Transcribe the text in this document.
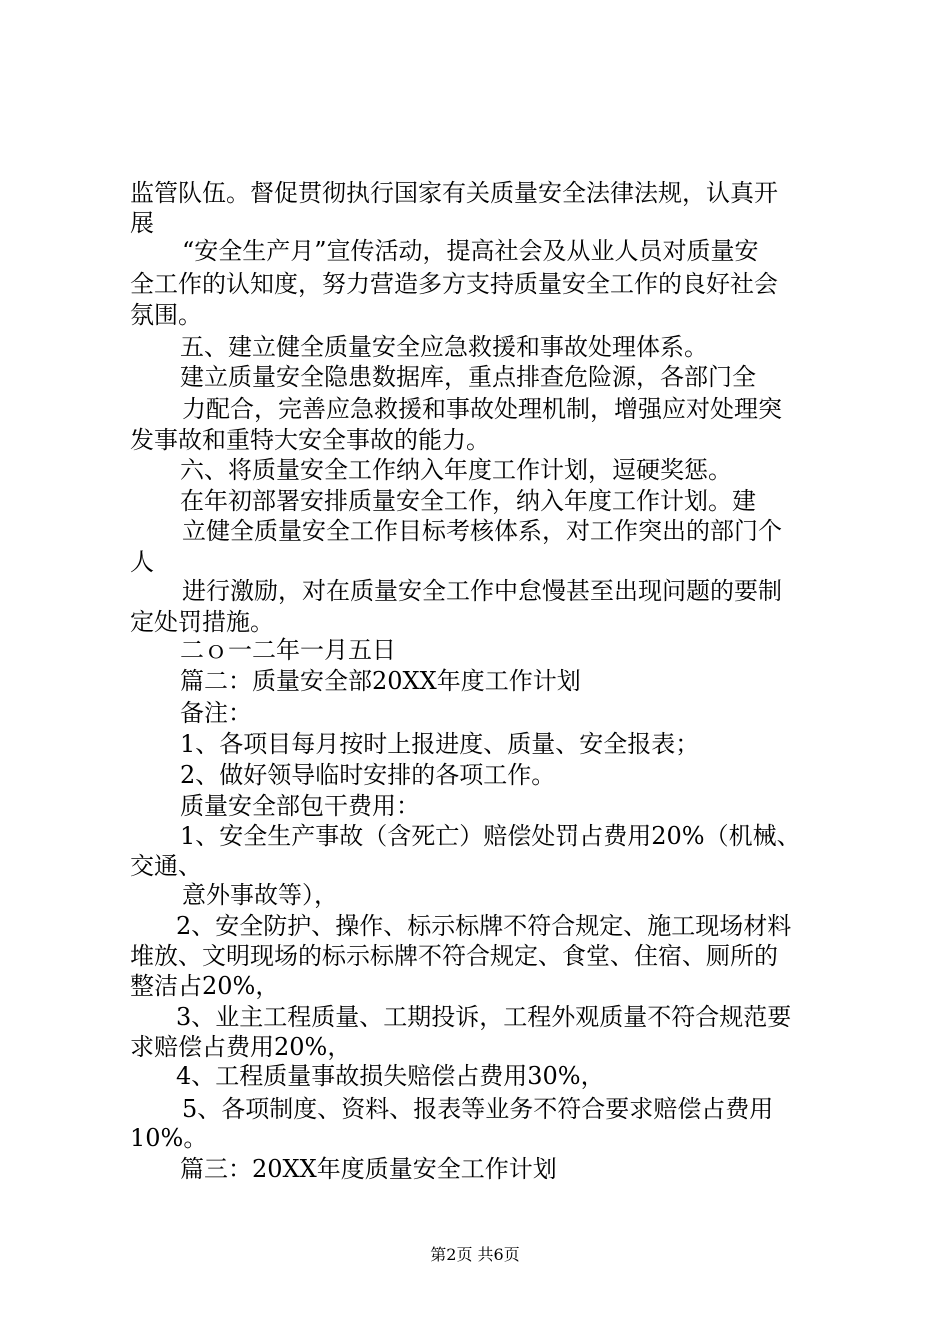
监管队伍。督促贯彻执行国家有关质量安全法律法规，认真开
展
“安全生产月”宣传活动，提高社会及从业人员对质量安
全工作的认知度，努力营造多方支持质量安全工作的良好社会
氛围。
五、建立健全质量安全应急救援和事故处理体系。
建立质量安全隐患数据库，重点排查危险源，各部门全
力配合，完善应急救援和事故处理机制，增强应对处理突
发事故和重特大安全事故的能力。
六、将质量安全工作纳入年度工作计划，逗硬奖惩。
在年初部署安排质量安全工作，纳入年度工作计划。建
立健全质量安全工作目标考核体系，对工作突出的部门个
人
进行激励，对在质量安全工作中怠慢甚至出现问题的要制
定处罚措施。
二ｏ一二年一月五日
篇二：质量安全部20XX年度工作计划
备注：
1、各项目每月按时上报进度、质量、安全报表；
2、做好领导临时安排的各项工作。
质量安全部包干费用：
1、安全生产事故（含死亡）赔偿处罚占费用20%（机械、
交通、
意外事故等），
2、安全防护、操作、标示标牌不符合规定、施工现场材料
堆放、文明现场的标示标牌不符合规定、食堂、住宿、厕所的
整洁占20%，
3、业主工程质量、工期投诉，工程外观质量不符合规范要
求赔偿占费用20%，
4、工程质量事故损失赔偿占费用30%，
5、各项制度、资料、报表等业务不符合要求赔偿占费用
10%。
篇三：20XX年度质量安全工作计划
第2页 共6页
